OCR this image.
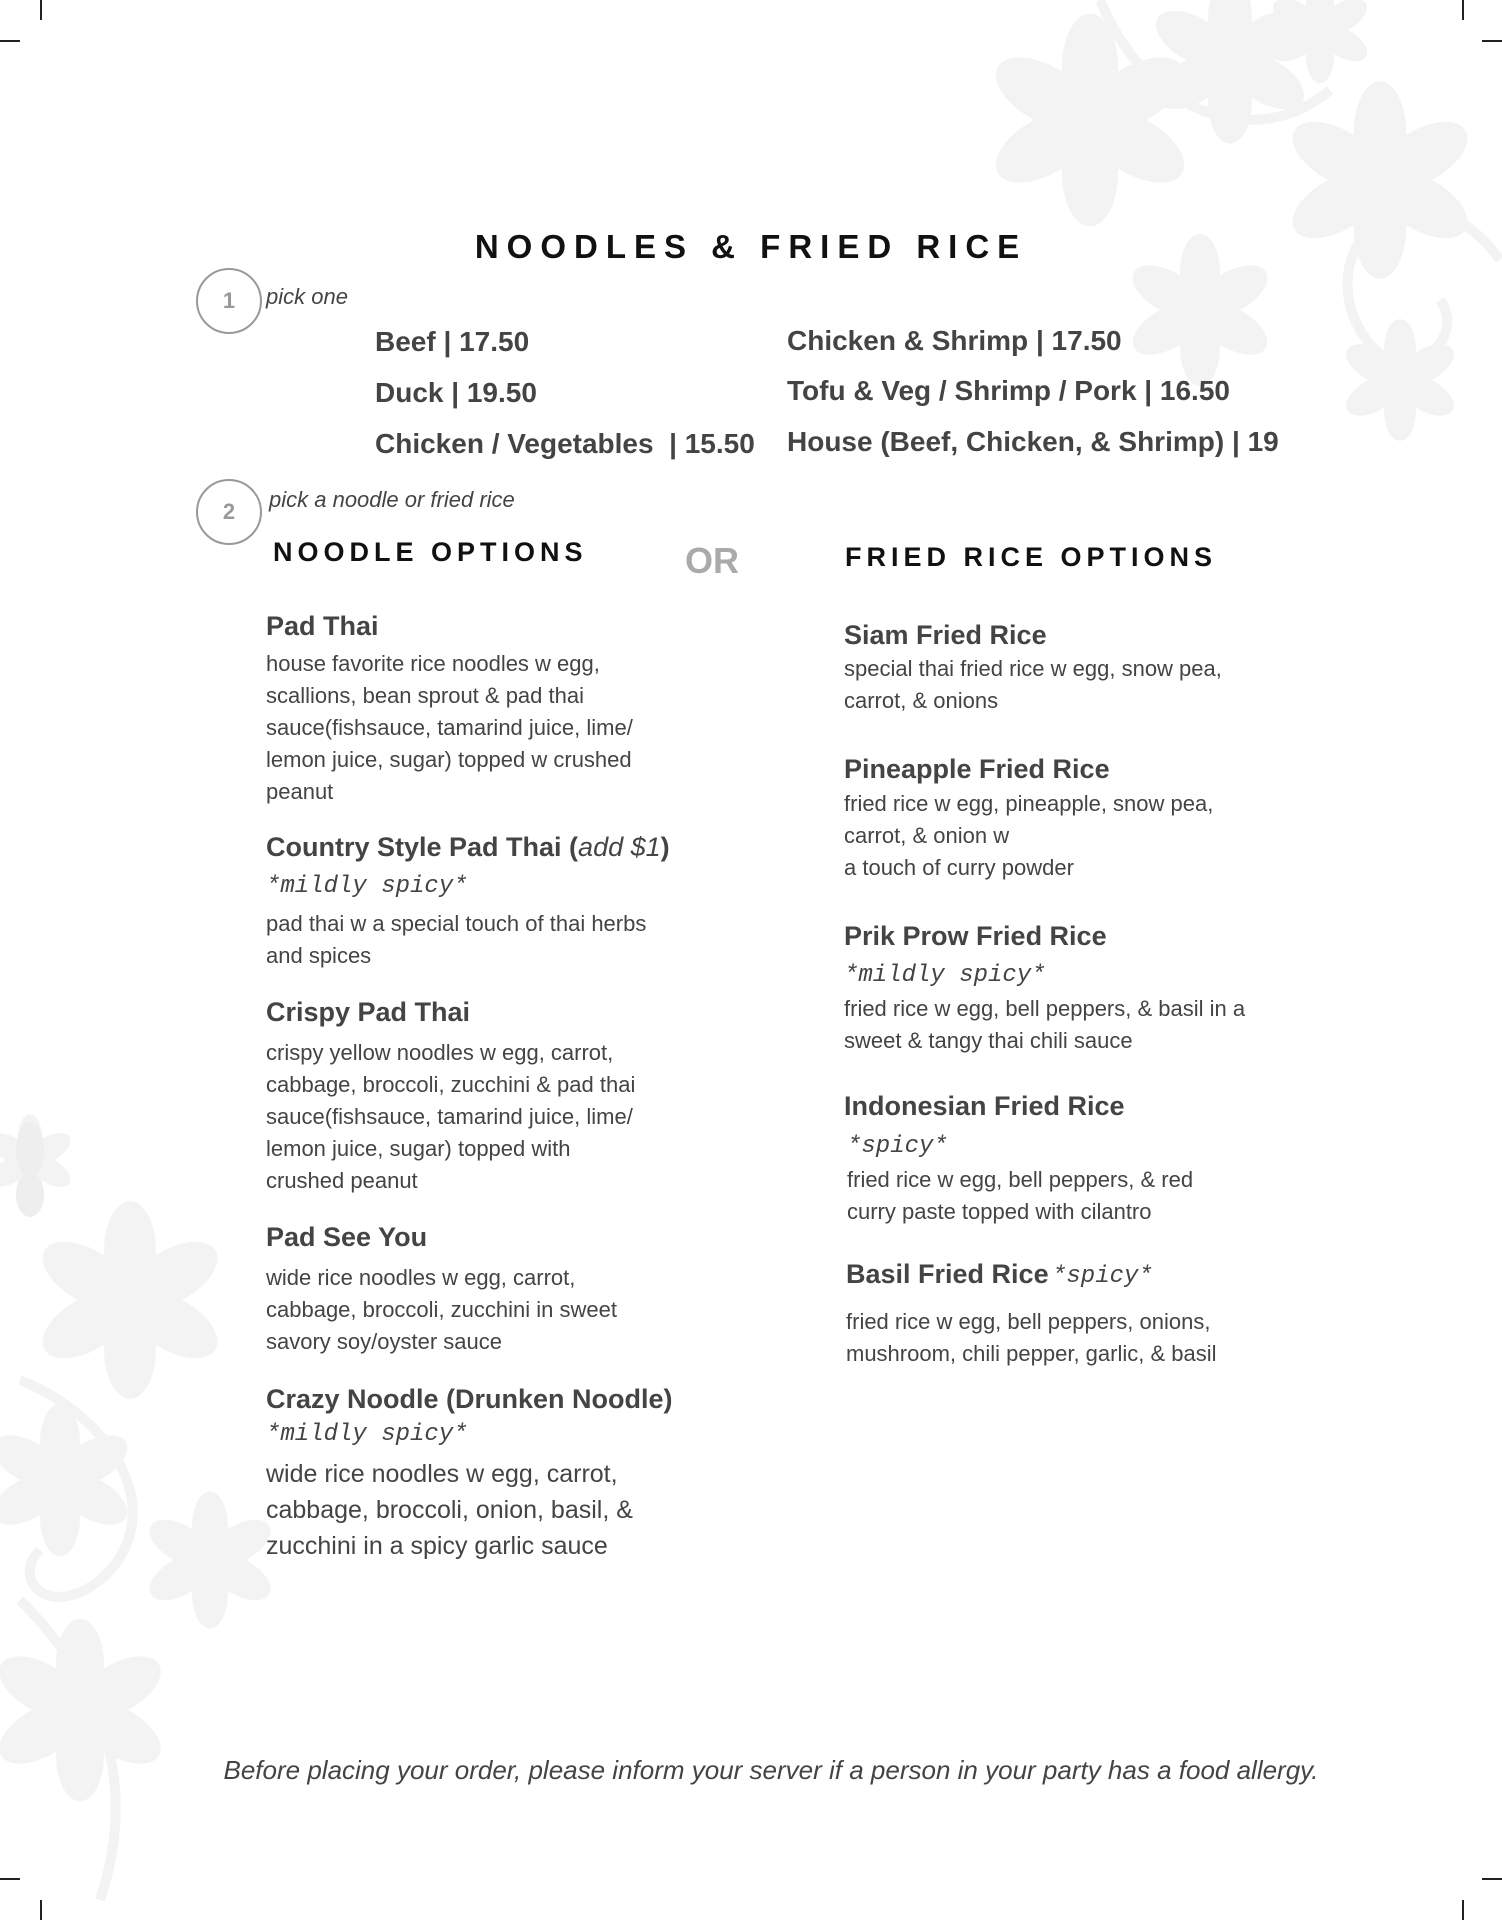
NOODLES & FRIED RICE
1 pick one
Beef | 17.50
Duck | 19.50
Chicken / Vegetables  | 15.50
Chicken & Shrimp | 17.50
Tofu & Veg / Shrimp / Pork | 16.50
House (Beef, Chicken, & Shrimp) | 19
2 pick a noodle or fried rice
NOODLE OPTIONS	OR	FRIED RICE OPTIONS
Pad Thai
house favorite rice noodles w egg,
scallions, bean sprout & pad thai
sauce(fishsauce, tamarind juice, lime/
lemon juice, sugar) topped w crushed
peanut
Country Style Pad Thai (add $1)
*mildly spicy*
pad thai w a special touch of thai herbs
and spices
Crispy Pad Thai
crispy yellow noodles w egg, carrot,
cabbage, broccoli, zucchini & pad thai
sauce(fishsauce, tamarind juice, lime/
lemon juice, sugar) topped with
crushed peanut
Pad See You
wide rice noodles w egg, carrot,
cabbage, broccoli, zucchini in sweet
savory soy/oyster sauce
Crazy Noodle (Drunken Noodle)
*mildly spicy*
wide rice noodles w egg, carrot,
cabbage, broccoli, onion, basil, &
zucchini in a spicy garlic sauce
Siam Fried Rice
special thai fried rice w egg, snow pea,
carrot, & onions
Pineapple Fried Rice
fried rice w egg, pineapple, snow pea,
carrot, & onion w
a touch of curry powder
Prik Prow Fried Rice
*mildly spicy*
fried rice w egg, bell peppers, & basil in a
sweet & tangy thai chili sauce
Indonesian Fried Rice
*spicy*
fried rice w egg, bell peppers, & red
curry paste topped with cilantro
Basil Fried Rice *spicy*
fried rice w egg, bell peppers, onions,
mushroom, chili pepper, garlic, & basil
Before placing your order, please inform your server if a person in your party has a food allergy.
